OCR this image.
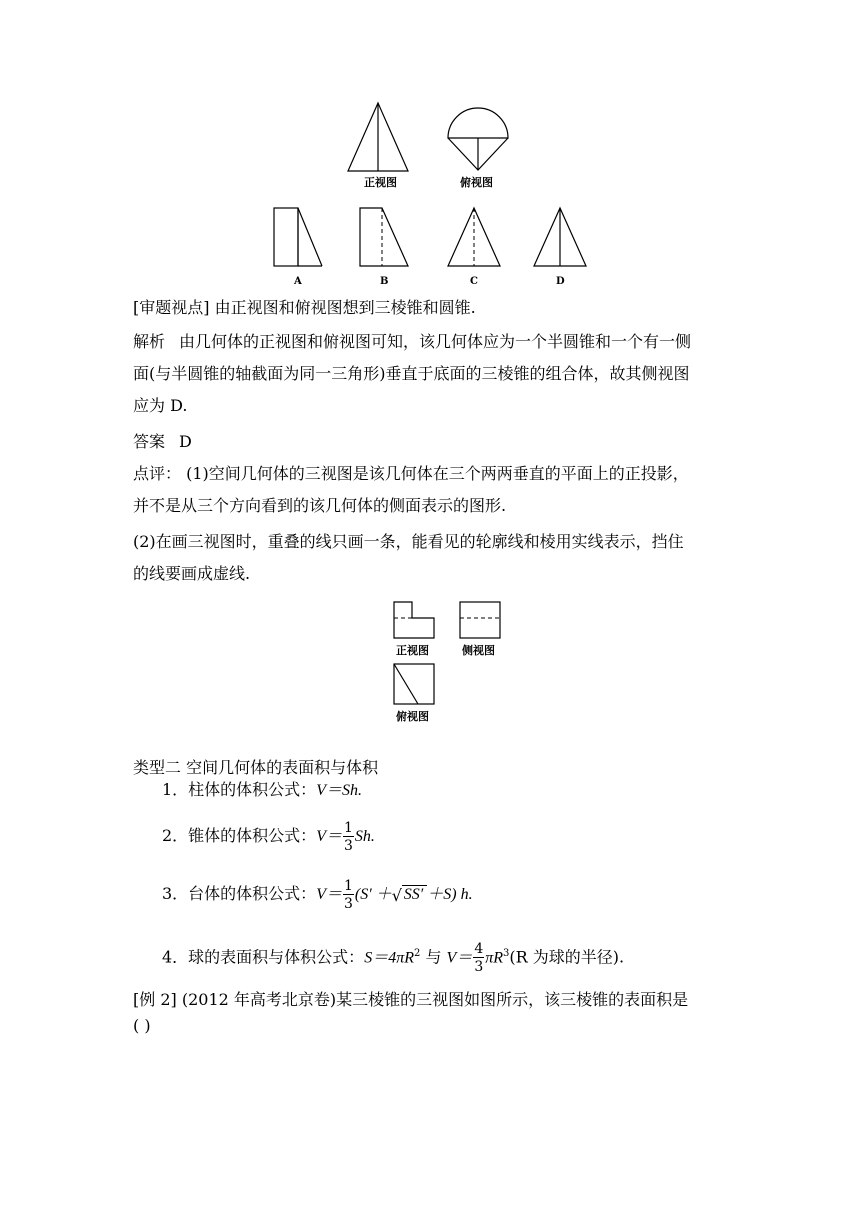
正视图	俯视图
A	B	C	D
[审题视点] 由正视图和俯视图想到三棱锥和圆锥.
解析 由几何体的正视图和俯视图可知，该几何体应为一个半圆锥和一个有一侧
面(与半圆锥的轴截面为同一三角形)垂直于底面的三棱锥的组合体，故其侧视图
应为 D.
答案 D
点评： (1)空间几何体的三视图是该几何体在三个两两垂直的平面上的正投影，
并不是从三个方向看到的该几何体的侧面表示的图形.
(2)在画三视图时，重叠的线只画一条，能看见的轮廓线和棱用实线表示，挡住
的线要画成虚线.
正视图	侧视图
俯视图
类型二 空间几何体的表面积与体积
1．柱体的体积公式：V＝Sh.
2．锥体的体积公式：$V= \frac{1}{3} Sh$.
3．台体的体积公式：$V= \frac{1}{3} (S'$ ＋ √ SS′ ＋S) h.
4．球的表面积与体积公式：$S=4\pi R^2$ 与 $V= \frac{4}{3} \pi R^3(R$ 为球的半径).
[例 2] (2012 年高考北京卷)某三棱锥的三视图如图所示，该三棱锥的表面积是
( )
